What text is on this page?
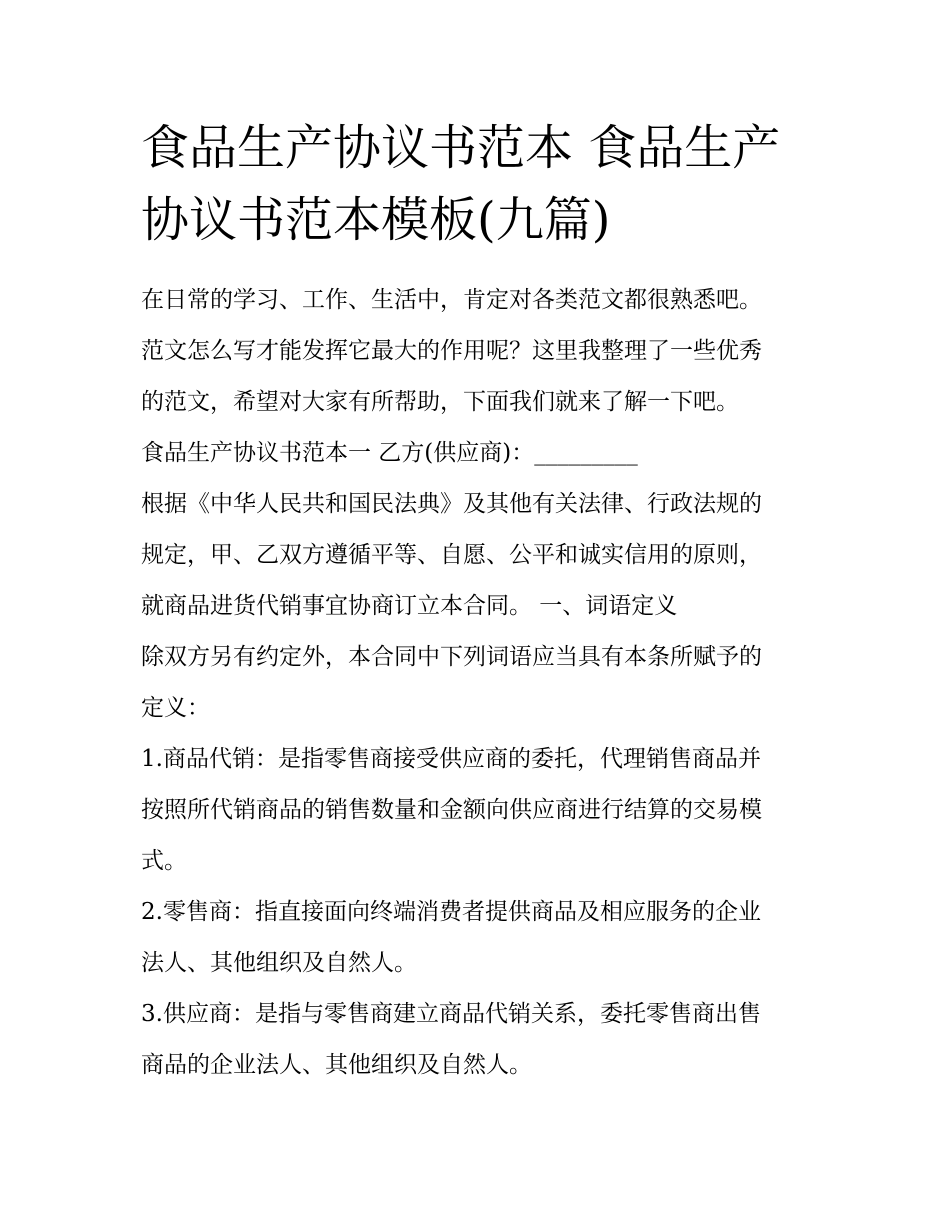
食品生产协议书范本 食品生产协议书范本模板(九篇)

在日常的学习、工作、生活中，肯定对各类范文都很熟悉吧。

范文怎么写才能发挥它最大的作用呢？这里我整理了一些优秀

的范文，希望对大家有所帮助，下面我们就来了解一下吧。

食品生产协议书范本一 乙方(供应商)：_________

根据《中华人民共和国民法典》及其他有关法律、行政法规的

规定，甲、乙双方遵循平等、自愿、公平和诚实信用的原则，

就商品进货代销事宜协商订立本合同。 一、词语定义

除双方另有约定外，本合同中下列词语应当具有本条所赋予的

定义：

1.商品代销：是指零售商接受供应商的委托，代理销售商品并

按照所代销商品的销售数量和金额向供应商进行结算的交易模

式。

2.零售商：指直接面向终端消费者提供商品及相应服务的企业

法人、其他组织及自然人。

3.供应商：是指与零售商建立商品代销关系，委托零售商出售

商品的企业法人、其他组织及自然人。
